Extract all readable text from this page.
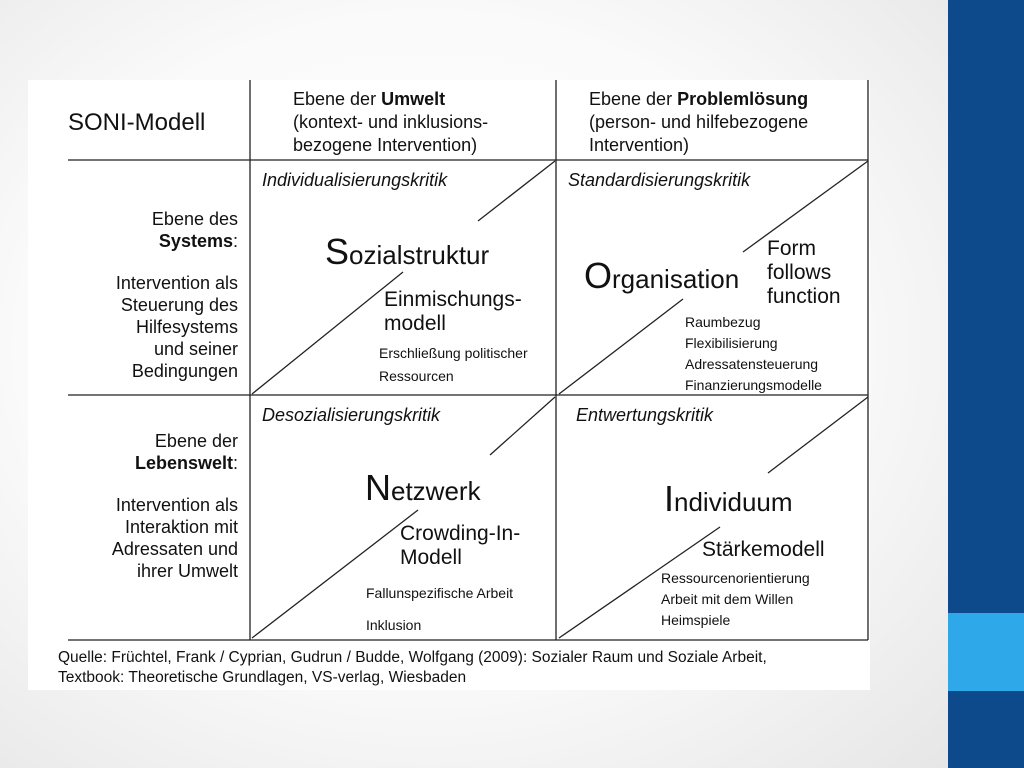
SONI-Modell
Ebene der Umwelt
(kontext- und inklusions-
bezogene Intervention)
Ebene der Problemlösung
(person- und hilfebezogene
Intervention)
Ebene des
Systems:

Intervention als
Steuerung des
Hilfesystems
und seiner
Bedingungen
Ebene der
Lebenswelt:

Intervention als
Interaktion mit
Adressaten und
ihrer Umwelt
Individualisierungskritik
Sozialstruktur
Einmischungs-
modell
Erschließung politischer

Ressourcen
Standardisierungskritik
Organisation
Form
follows
function
Raumbezug
Flexibilisierung
Adressatensteuerung
Finanzierungsmodelle
Desozialisierungskritik
Netzwerk
Crowding-In-
Modell
Fallunspezifische Arbeit

Inklusion
Entwertungskritik
Individuum
Stärkemodell
Ressourcenorientierung
Arbeit mit dem Willen
Heimspiele
Quelle: Früchtel, Frank / Cyprian, Gudrun / Budde, Wolfgang (2009): Sozialer Raum und Soziale Arbeit,
Textbook: Theoretische Grundlagen, VS-verlag, Wiesbaden
